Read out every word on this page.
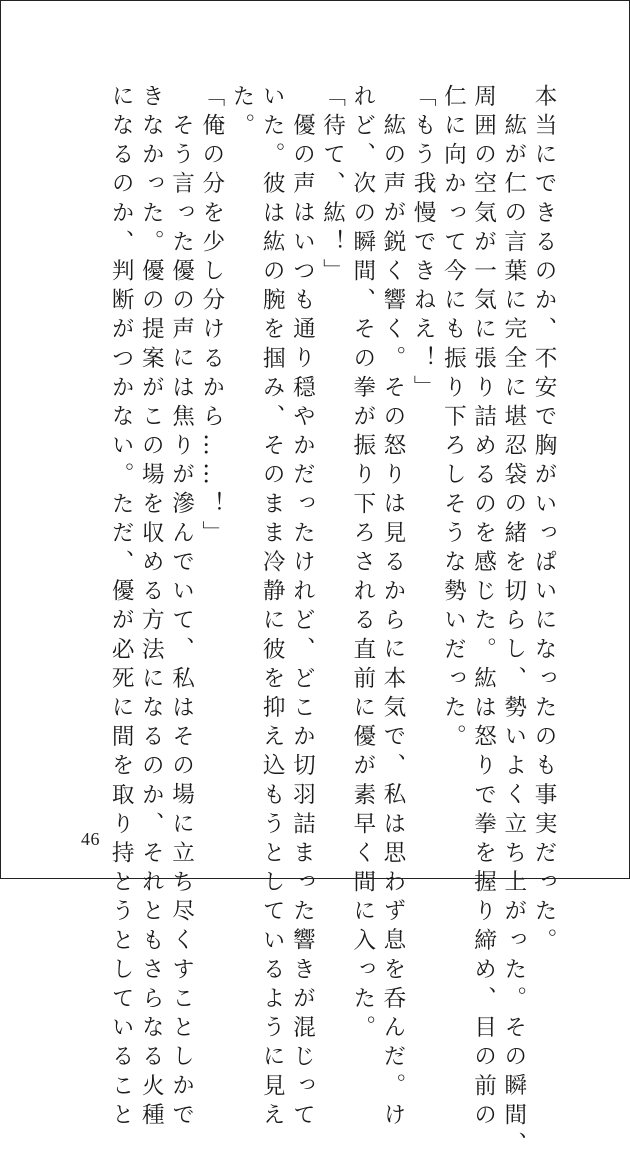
本当にできるのか、不安で胸がいっぱいになったのも事実だった。
紘が仁の言葉に完全に堪忍袋の緒を切らし、勢いよく立ち上がった。その瞬間、
周囲の空気が一気に張り詰めるのを感じた。紘は怒りで拳を握り締め、目の前の
仁に向かって今にも振り下ろしそうな勢いだった。
「もう我慢できねえ！」
紘の声が鋭く響く。その怒りは見るからに本気で、私は思わず息を呑んだ。け
れど、次の瞬間、その拳が振り下ろされる直前に優が素早く間に入った。
「待て、紘！」
優の声はいつも通り穏やかだったけれど、どこか切羽詰まった響きが混じって
いた。彼は紘の腕を掴み、そのまま冷静に彼を抑え込もうとしているように見え
た。
「俺の分を少し分けるから……！」
そう言った優の声には焦りが滲んでいて、私はその場に立ち尽くすことしかで
きなかった。優の提案がこの場を収める方法になるのか、それともさらなる火種
になるのか、判断がつかない。ただ、優が必死に間を取り持とうとしていること
46
